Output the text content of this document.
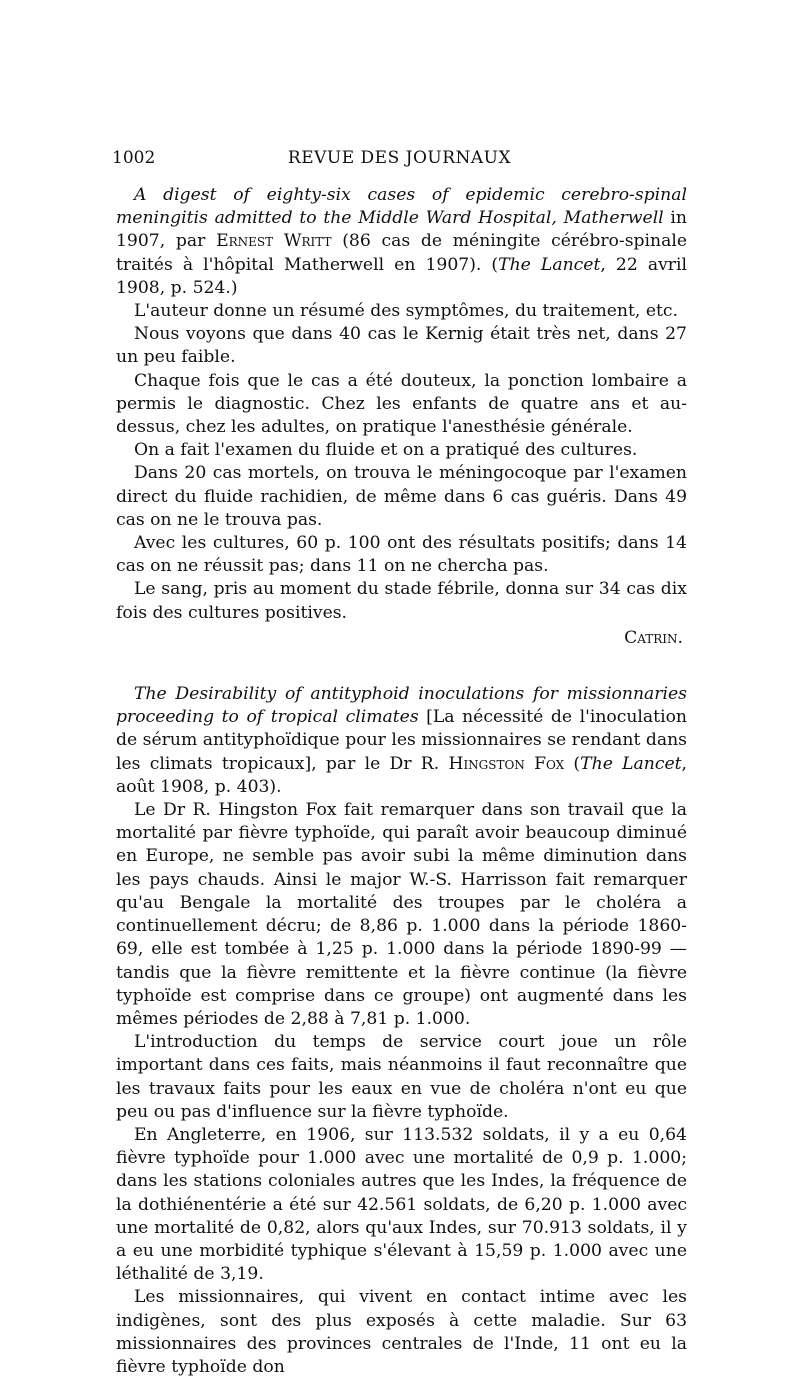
1002	REVUE DES JOURNAUX

A digest of eighty-six cases of epidemic cerebro-spinal meningitis admitted to the Middle Ward Hospital, Matherwell in 1907, par Ernest Writt (86 cas de méningite cérébro-spinale traités à l'hôpital Matherwell en 1907). (The Lancet, 22 avril 1908, p. 524.)

L'auteur donne un résumé des symptômes, du traitement, etc.

Nous voyons que dans 40 cas le Kernig était très net, dans 27 un peu faible.

Chaque fois que le cas a été douteux, la ponction lombaire a permis le diagnostic. Chez les enfants de quatre ans et au-dessus, chez les adultes, on pratique l'anesthésie générale.

On a fait l'examen du fluide et on a pratiqué des cultures.

Dans 20 cas mortels, on trouva le méningocoque par l'examen direct du fluide rachidien, de même dans 6 cas guéris. Dans 49 cas on ne le trouva pas.

Avec les cultures, 60 p. 100 ont des résultats positifs; dans 14 cas on ne réussit pas; dans 11 on ne chercha pas.

Le sang, pris au moment du stade fébrile, donna sur 34 cas dix fois des cultures positives.

Catrin.

The Desirability of antityphoid inoculations for missionnaries proceeding to of tropical climates [La nécessité de l'inoculation de sérum antityphoïdique pour les missionnaires se rendant dans les climats tropicaux], par le Dr R. Hingston Fox (The Lancet, août 1908, p. 403).

Le Dr R. Hingston Fox fait remarquer dans son travail que la mortalité par fièvre typhoïde, qui paraît avoir beaucoup diminué en Europe, ne semble pas avoir subi la même diminution dans les pays chauds. Ainsi le major W.-S. Harrisson fait remarquer qu'au Bengale la mortalité des troupes par le choléra a continuellement décru; de 8,86 p. 1.000 dans la période 1860-69, elle est tombée à 1,25 p. 1.000 dans la période 1890-99 — tandis que la fièvre remittente et la fièvre continue (la fièvre typhoïde est comprise dans ce groupe) ont augmenté dans les mêmes périodes de 2,88 à 7,81 p. 1.000.

L'introduction du temps de service court joue un rôle important dans ces faits, mais néanmoins il faut reconnaître que les travaux faits pour les eaux en vue de choléra n'ont eu que peu ou pas d'influence sur la fièvre typhoïde.

En Angleterre, en 1906, sur 113.532 soldats, il y a eu 0,64 fièvre typhoïde pour 1.000 avec une mortalité de 0,9 p. 1.000; dans les stations coloniales autres que les Indes, la fréquence de la dothiénentérie a été sur 42.561 soldats, de 6,20 p. 1.000 avec une mortalité de 0,82, alors qu'aux Indes, sur 70.913 soldats, il y a eu une morbidité typhique s'élevant à 15,59 p. 1.000 avec une léthalité de 3,19.

Les missionnaires, qui vivent en contact intime avec les indigènes, sont des plus exposés à cette maladie. Sur 63 missionnaires des provinces centrales de l'Inde, 11 ont eu la fièvre typhoïde don
